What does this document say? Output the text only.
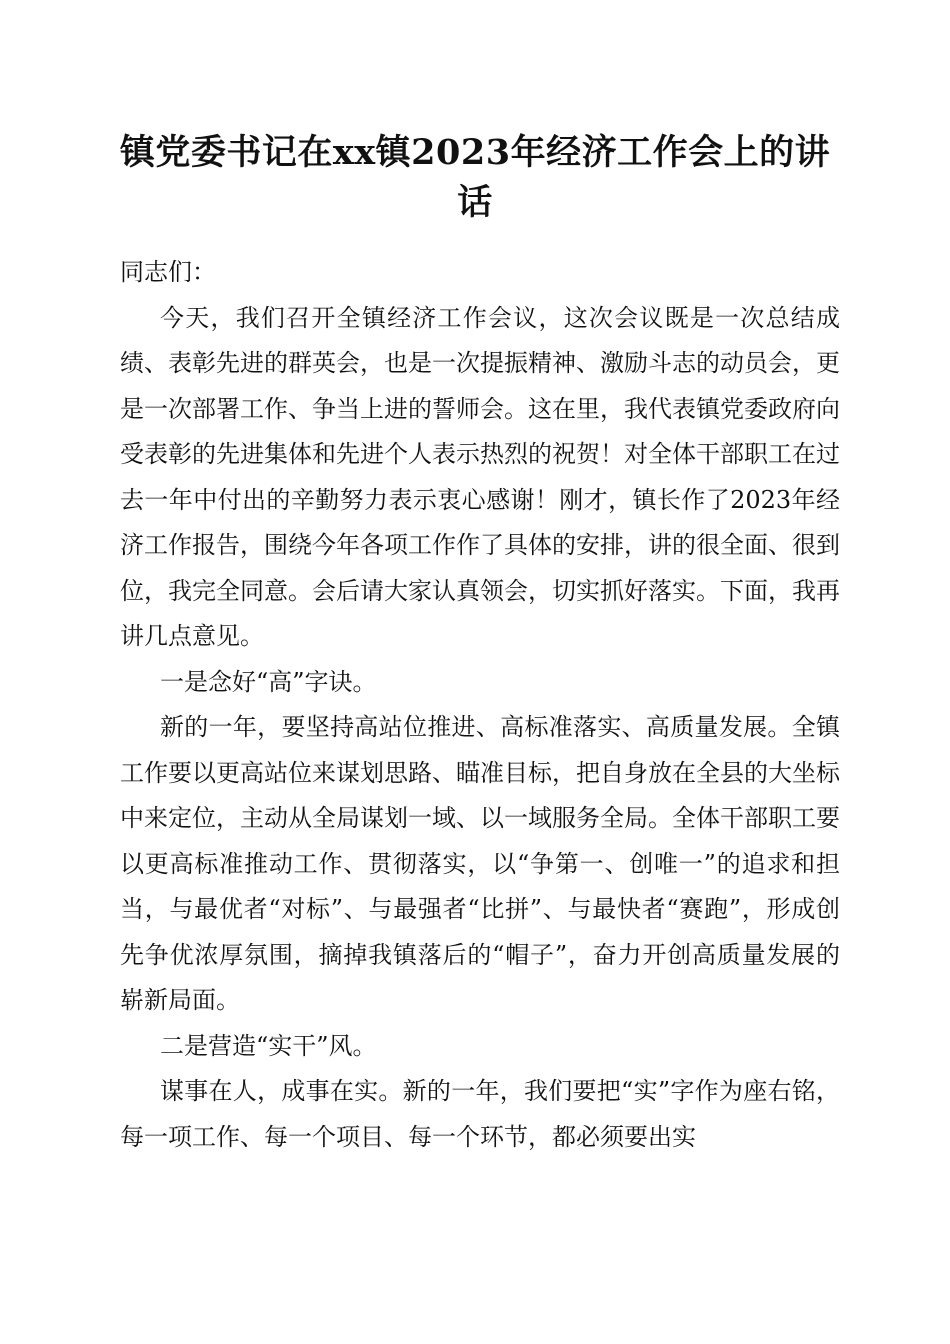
镇党委书记在xx镇2023年经济工作会上的讲话

同志们：

今天，我们召开全镇经济工作会议，这次会议既是一次总结成绩、表彰先进的群英会，也是一次提振精神、激励斗志的动员会，更是一次部署工作、争当上进的誓师会。这在里，我代表镇党委政府向受表彰的先进集体和先进个人表示热烈的祝贺！对全体干部职工在过去一年中付出的辛勤努力表示衷心感谢！刚才，镇长作了2023年经济工作报告，围绕今年各项工作作了具体的安排，讲的很全面、很到位，我完全同意。会后请大家认真领会，切实抓好落实。下面，我再讲几点意见。

一是念好“高”字诀。

新的一年，要坚持高站位推进、高标准落实、高质量发展。全镇工作要以更高站位来谋划思路、瞄准目标，把自身放在全县的大坐标中来定位，主动从全局谋划一域、以一域服务全局。全体干部职工要以更高标准推动工作、贯彻落实，以“争第一、创唯一”的追求和担当，与最优者“对标”、与最强者“比拼”、与最快者“赛跑”，形成创先争优浓厚氛围，摘掉我镇落后的“帽子”，奋力开创高质量发展的崭新局面。

二是营造“实干”风。

谋事在人，成事在实。新的一年，我们要把“实”字作为座右铭，每一项工作、每一个项目、每一个环节，都必须要出实
